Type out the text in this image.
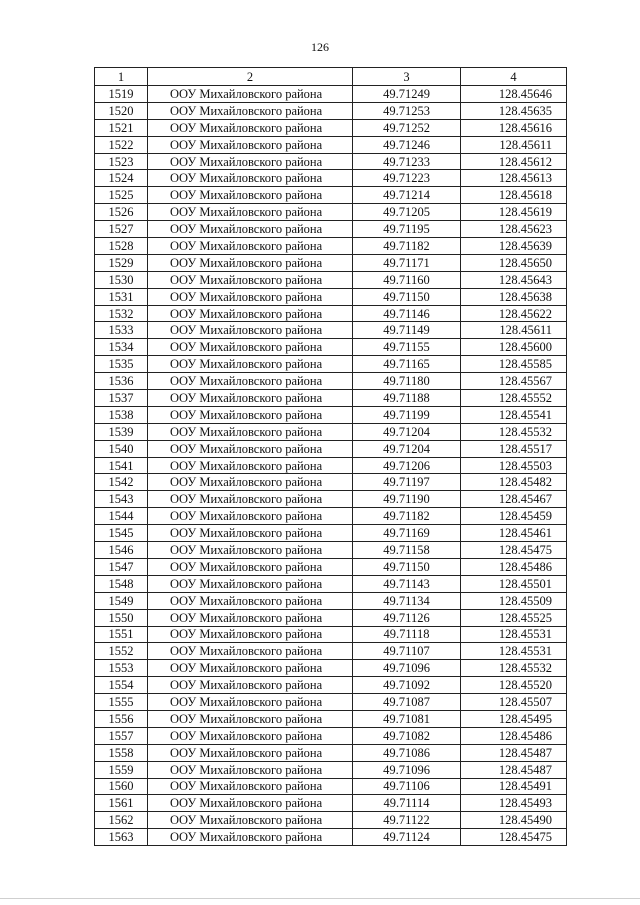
126
1	2	3	4
1519	ООУ Михайловского района	49.71249	128.45646
1520	ООУ Михайловского района	49.71253	128.45635
1521	ООУ Михайловского района	49.71252	128.45616
1522	ООУ Михайловского района	49.71246	128.45611
1523	ООУ Михайловского района	49.71233	128.45612
1524	ООУ Михайловского района	49.71223	128.45613
1525	ООУ Михайловского района	49.71214	128.45618
1526	ООУ Михайловского района	49.71205	128.45619
1527	ООУ Михайловского района	49.71195	128.45623
1528	ООУ Михайловского района	49.71182	128.45639
1529	ООУ Михайловского района	49.71171	128.45650
1530	ООУ Михайловского района	49.71160	128.45643
1531	ООУ Михайловского района	49.71150	128.45638
1532	ООУ Михайловского района	49.71146	128.45622
1533	ООУ Михайловского района	49.71149	128.45611
1534	ООУ Михайловского района	49.71155	128.45600
1535	ООУ Михайловского района	49.71165	128.45585
1536	ООУ Михайловского района	49.71180	128.45567
1537	ООУ Михайловского района	49.71188	128.45552
1538	ООУ Михайловского района	49.71199	128.45541
1539	ООУ Михайловского района	49.71204	128.45532
1540	ООУ Михайловского района	49.71204	128.45517
1541	ООУ Михайловского района	49.71206	128.45503
1542	ООУ Михайловского района	49.71197	128.45482
1543	ООУ Михайловского района	49.71190	128.45467
1544	ООУ Михайловского района	49.71182	128.45459
1545	ООУ Михайловского района	49.71169	128.45461
1546	ООУ Михайловского района	49.71158	128.45475
1547	ООУ Михайловского района	49.71150	128.45486
1548	ООУ Михайловского района	49.71143	128.45501
1549	ООУ Михайловского района	49.71134	128.45509
1550	ООУ Михайловского района	49.71126	128.45525
1551	ООУ Михайловского района	49.71118	128.45531
1552	ООУ Михайловского района	49.71107	128.45531
1553	ООУ Михайловского района	49.71096	128.45532
1554	ООУ Михайловского района	49.71092	128.45520
1555	ООУ Михайловского района	49.71087	128.45507
1556	ООУ Михайловского района	49.71081	128.45495
1557	ООУ Михайловского района	49.71082	128.45486
1558	ООУ Михайловского района	49.71086	128.45487
1559	ООУ Михайловского района	49.71096	128.45487
1560	ООУ Михайловского района	49.71106	128.45491
1561	ООУ Михайловского района	49.71114	128.45493
1562	ООУ Михайловского района	49.71122	128.45490
1563	ООУ Михайловского района	49.71124	128.45475
